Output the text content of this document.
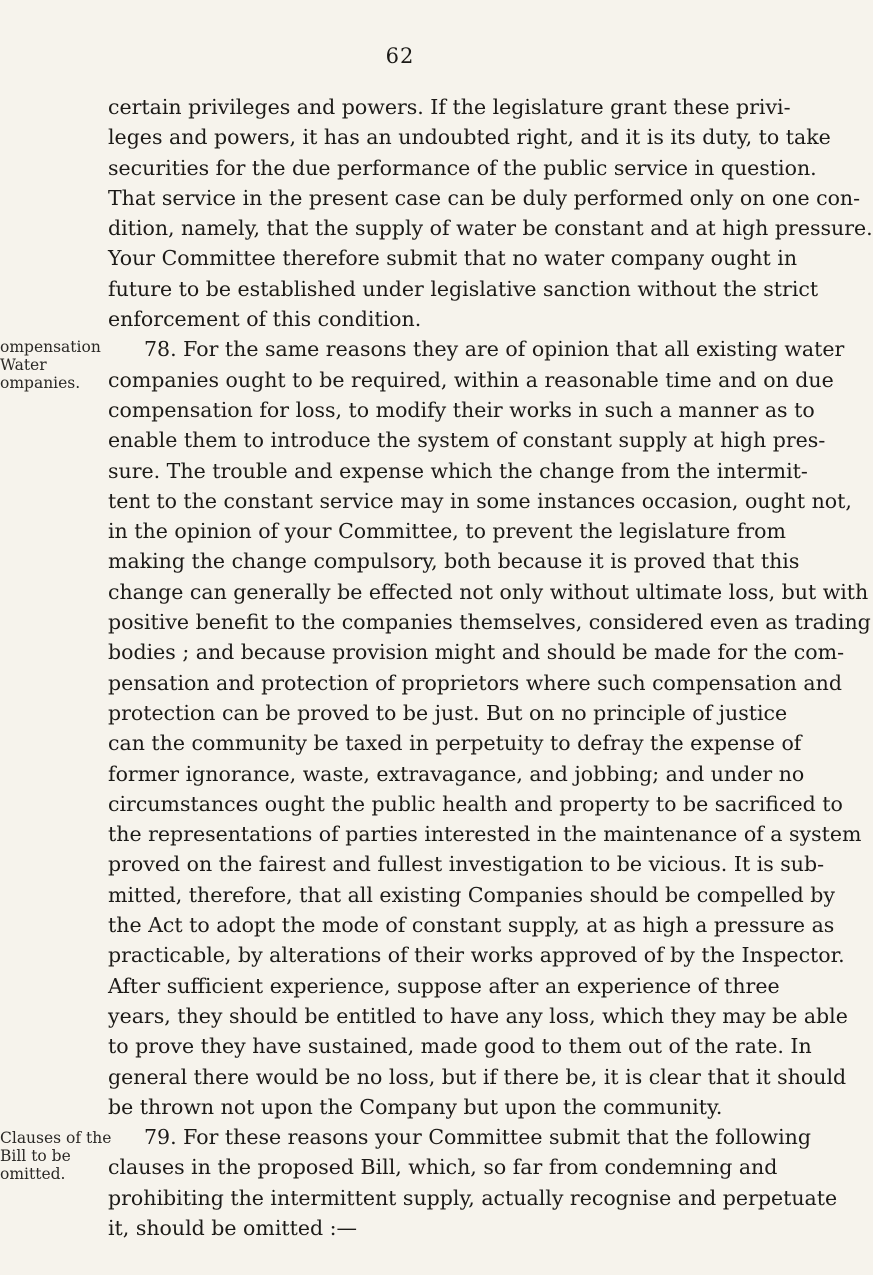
62
ompensation
Water
ompanies.
Clauses of the
Bill to be
omitted.
certain privileges and powers. If the legislature grant these privi-
leges and powers, it has an undoubted right, and it is its duty, to take
securities for the due performance of the public service in question.
That service in the present case can be duly performed only on one con-
dition, namely, that the supply of water be constant and at high pressure.
Your Committee therefore submit that no water company ought in
future to be established under legislative sanction without the strict
enforcement of this condition.
78. For the same reasons they are of opinion that all existing water
companies ought to be required, within a reasonable time and on due
compensation for loss, to modify their works in such a manner as to
enable them to introduce the system of constant supply at high pres-
sure. The trouble and expense which the change from the intermit-
tent to the constant service may in some instances occasion, ought not,
in the opinion of your Committee, to prevent the legislature from
making the change compulsory, both because it is proved that this
change can generally be effected not only without ultimate loss, but with
positive benefit to the companies themselves, considered even as trading
bodies ; and because provision might and should be made for the com-
pensation and protection of proprietors where such compensation and
protection can be proved to be just. But on no principle of justice
can the community be taxed in perpetuity to defray the expense of
former ignorance, waste, extravagance, and jobbing; and under no
circumstances ought the public health and property to be sacrificed to
the representations of parties interested in the maintenance of a system
proved on the fairest and fullest investigation to be vicious. It is sub-
mitted, therefore, that all existing Companies should be compelled by
the Act to adopt the mode of constant supply, at as high a pressure as
practicable, by alterations of their works approved of by the Inspector.
After sufficient experience, suppose after an experience of three
years, they should be entitled to have any loss, which they may be able
to prove they have sustained, made good to them out of the rate. In
general there would be no loss, but if there be, it is clear that it should
be thrown not upon the Company but upon the community.
79. For these reasons your Committee submit that the following
clauses in the proposed Bill, which, so far from condemning and
prohibiting the intermittent supply, actually recognise and perpetuate
it, should be omitted :—
